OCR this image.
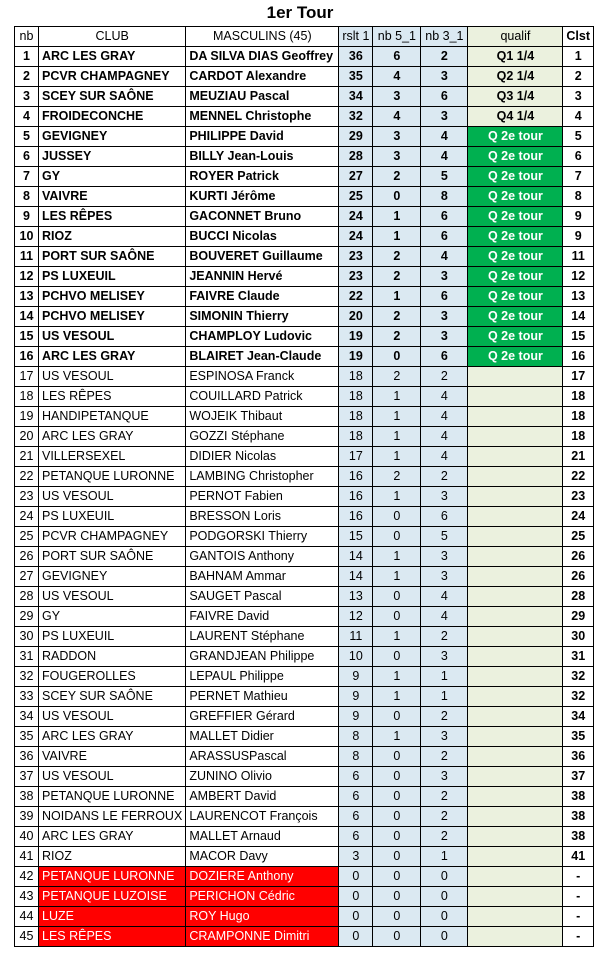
1er Tour
nb	CLUB	MASCULINS (45)	rslt 1	nb 5_1	nb 3_1	qualif	Clst
1	ARC LES GRAY	DA SILVA DIAS Geoffrey	36	6	2	Q1 1/4	1
2	PCVR CHAMPAGNEY	CARDOT Alexandre	35	4	3	Q2 1/4	2
3	SCEY SUR SAÔNE	MEUZIAU Pascal	34	3	6	Q3 1/4	3
4	FROIDECONCHE	MENNEL Christophe	32	4	3	Q4 1/4	4
5	GEVIGNEY	PHILIPPE David	29	3	4	Q 2e tour	5
6	JUSSEY	BILLY Jean-Louis	28	3	4	Q 2e tour	6
7	GY	ROYER Patrick	27	2	5	Q 2e tour	7
8	VAIVRE	KURTI Jérôme	25	0	8	Q 2e tour	8
9	LES RÊPES	GACONNET Bruno	24	1	6	Q 2e tour	9
10	RIOZ	BUCCI Nicolas	24	1	6	Q 2e tour	9
11	PORT SUR SAÔNE	BOUVERET Guillaume	23	2	4	Q 2e tour	11
12	PS LUXEUIL	JEANNIN Hervé	23	2	3	Q 2e tour	12
13	PCHVO MELISEY	FAIVRE Claude	22	1	6	Q 2e tour	13
14	PCHVO MELISEY	SIMONIN Thierry	20	2	3	Q 2e tour	14
15	US VESOUL	CHAMPLOY Ludovic	19	2	3	Q 2e tour	15
16	ARC LES GRAY	BLAIRET Jean-Claude	19	0	6	Q 2e tour	16
17	US VESOUL	ESPINOSA Franck	18	2	2		17
18	LES RÊPES	COUILLARD Patrick	18	1	4		18
19	HANDIPETANQUE	WOJEIK Thibaut	18	1	4		18
20	ARC LES GRAY	GOZZI Stéphane	18	1	4		18
21	VILLERSEXEL	DIDIER Nicolas	17	1	4		21
22	PETANQUE LURONNE	LAMBING Christopher	16	2	2		22
23	US VESOUL	PERNOT Fabien	16	1	3		23
24	PS LUXEUIL	BRESSON Loris	16	0	6		24
25	PCVR CHAMPAGNEY	PODGORSKI Thierry	15	0	5		25
26	PORT SUR SAÔNE	GANTOIS Anthony	14	1	3		26
27	GEVIGNEY	BAHNAM Ammar	14	1	3		26
28	US VESOUL	SAUGET Pascal	13	0	4		28
29	GY	FAIVRE David	12	0	4		29
30	PS LUXEUIL	LAURENT Stéphane	11	1	2		30
31	RADDON	GRANDJEAN Philippe	10	0	3		31
32	FOUGEROLLES	LEPAUL Philippe	9	1	1		32
33	SCEY SUR SAÔNE	PERNET Mathieu	9	1	1		32
34	US VESOUL	GREFFIER Gérard	9	0	2		34
35	ARC LES GRAY	MALLET Didier	8	1	3		35
36	VAIVRE	ARASSUSPascal	8	0	2		36
37	US VESOUL	ZUNINO Olivio	6	0	3		37
38	PETANQUE LURONNE	AMBERT David	6	0	2		38
39	NOIDANS LE FERROUX	LAURENCOT François	6	0	2		38
40	ARC LES GRAY	MALLET Arnaud	6	0	2		38
41	RIOZ	MACOR Davy	3	0	1		41
42	PETANQUE LURONNE	DOZIERE Anthony	0	0	0		-
43	PETANQUE LUZOISE	PERICHON Cédric	0	0	0		-
44	LUZE	ROY Hugo	0	0	0		-
45	LES RÊPES	CRAMPONNE Dimitri	0	0	0		-
